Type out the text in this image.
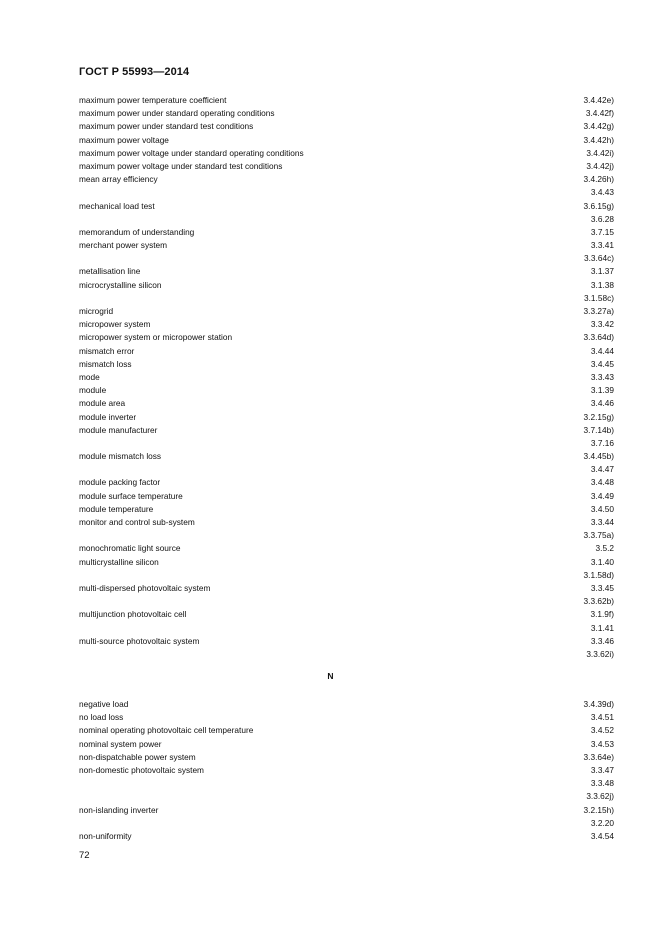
ГОСТ Р 55993—2014
maximum power temperature coefficient	3.4.42e)
maximum power under standard operating conditions	3.4.42f)
maximum power under standard test conditions	3.4.42g)
maximum power voltage	3.4.42h)
maximum power voltage under standard operating conditions	3.4.42i)
maximum power voltage under standard test conditions	3.4.42j)
mean array efficiency	3.4.26h)
3.4.43
mechanical load test	3.6.15g)
3.6.28
memorandum of understanding	3.7.15
merchant power system	3.3.41
3.3.64c)
metallisation line	3.1.37
microcrystalline silicon	3.1.38
3.1.58c)
microgrid	3.3.27a)
micropower system	3.3.42
micropower system or micropower station	3.3.64d)
mismatch error	3.4.44
mismatch loss	3.4.45
mode	3.3.43
module	3.1.39
module area	3.4.46
module inverter	3.2.15g)
module manufacturer	3.7.14b)
3.7.16
module mismatch loss	3.4.45b)
3.4.47
module packing factor	3.4.48
module surface temperature	3.4.49
module temperature	3.4.50
monitor and control sub-system	3.3.44
3.3.75a)
monochromatic light source	3.5.2
multicrystalline silicon	3.1.40
3.1.58d)
multi-dispersed photovoltaic system	3.3.45
3.3.62b)
multijunction photovoltaic cell	3.1.9f)
3.1.41
multi-source photovoltaic system	3.3.46
3.3.62i)
N
negative load	3.4.39d)
no load loss	3.4.51
nominal operating photovoltaic cell temperature	3.4.52
nominal system power	3.4.53
non-dispatchable power system	3.3.64e)
non-domestic photovoltaic system	3.3.47
3.3.48
3.3.62j)
non-islanding inverter	3.2.15h)
3.2.20
non-uniformity	3.4.54
72
